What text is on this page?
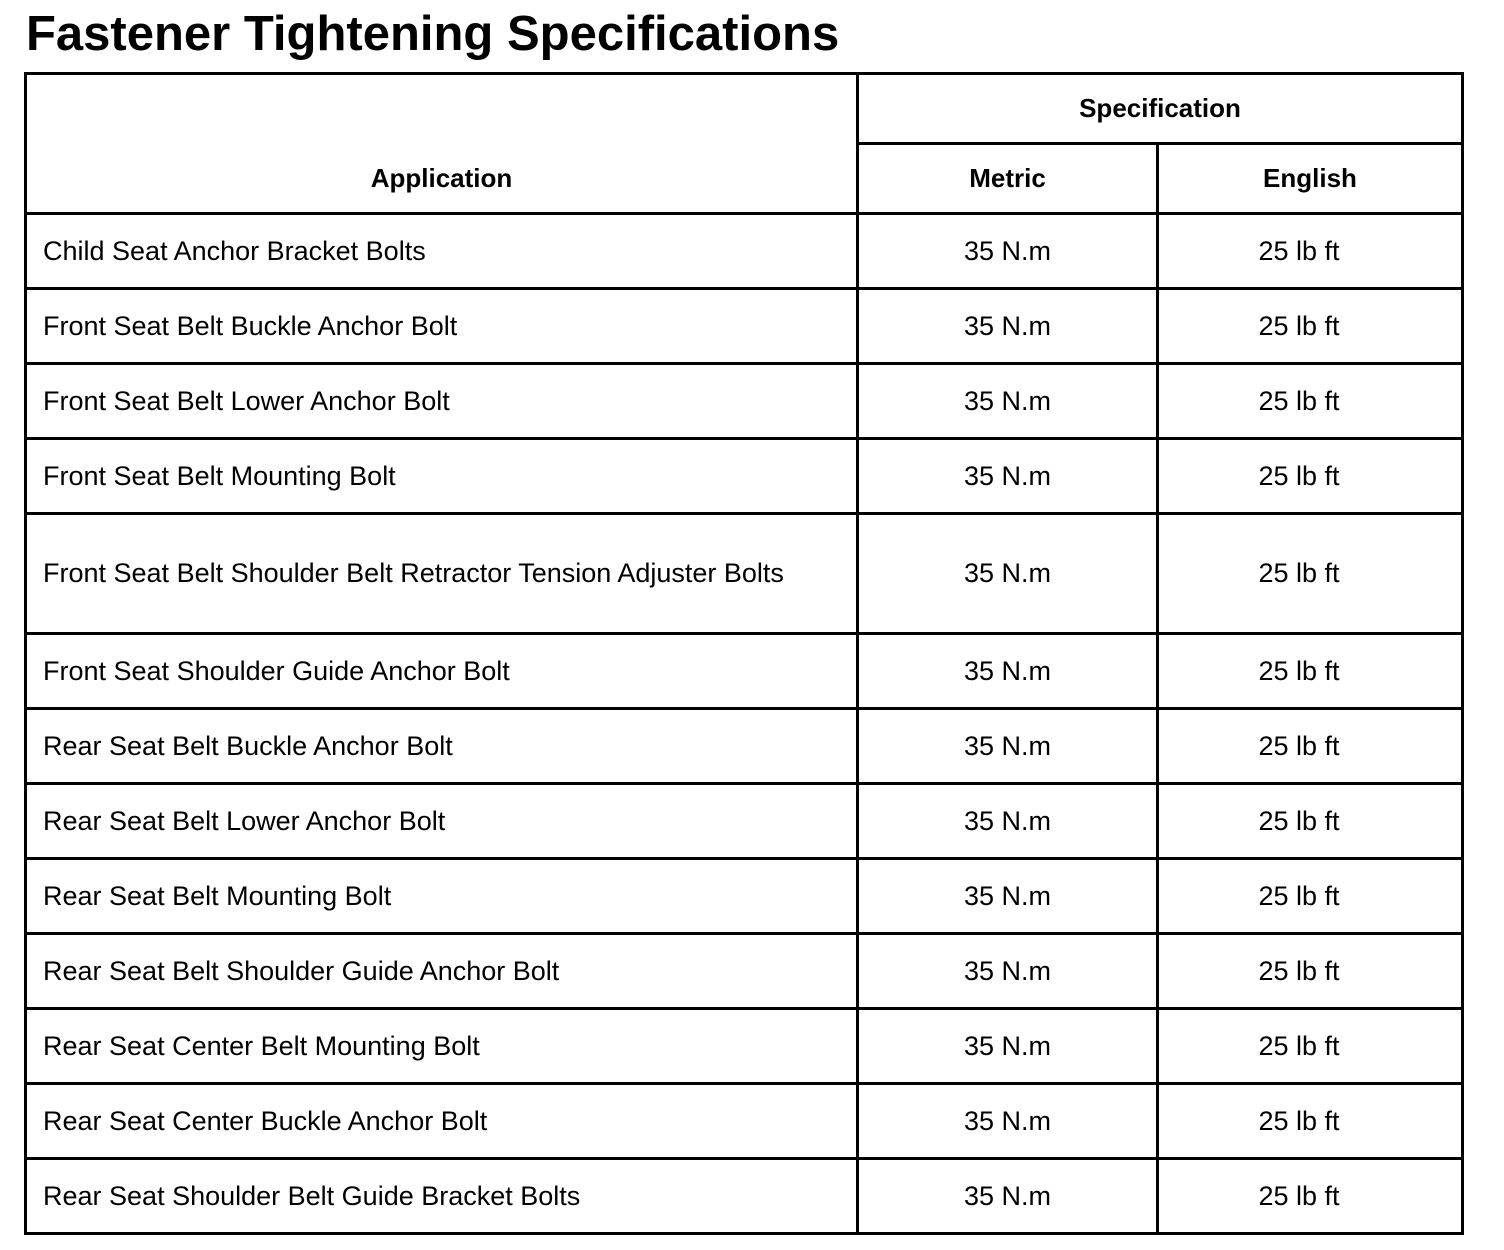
Fastener Tightening Specifications
Application	Specification	
	Metric	English
Child Seat Anchor Bracket Bolts	35 N.m	25 lb ft
Front Seat Belt Buckle Anchor Bolt	35 N.m	25 lb ft
Front Seat Belt Lower Anchor Bolt	35 N.m	25 lb ft
Front Seat Belt Mounting Bolt	35 N.m	25 lb ft
Front Seat Belt Shoulder Belt Retractor Tension Adjuster Bolts	35 N.m	25 lb ft
Front Seat Shoulder Guide Anchor Bolt	35 N.m	25 lb ft
Rear Seat Belt Buckle Anchor Bolt	35 N.m	25 lb ft
Rear Seat Belt Lower Anchor Bolt	35 N.m	25 lb ft
Rear Seat Belt Mounting Bolt	35 N.m	25 lb ft
Rear Seat Belt Shoulder Guide Anchor Bolt	35 N.m	25 lb ft
Rear Seat Center Belt Mounting Bolt	35 N.m	25 lb ft
Rear Seat Center Buckle Anchor Bolt	35 N.m	25 lb ft
Rear Seat Shoulder Belt Guide Bracket Bolts	35 N.m	25 lb ft
